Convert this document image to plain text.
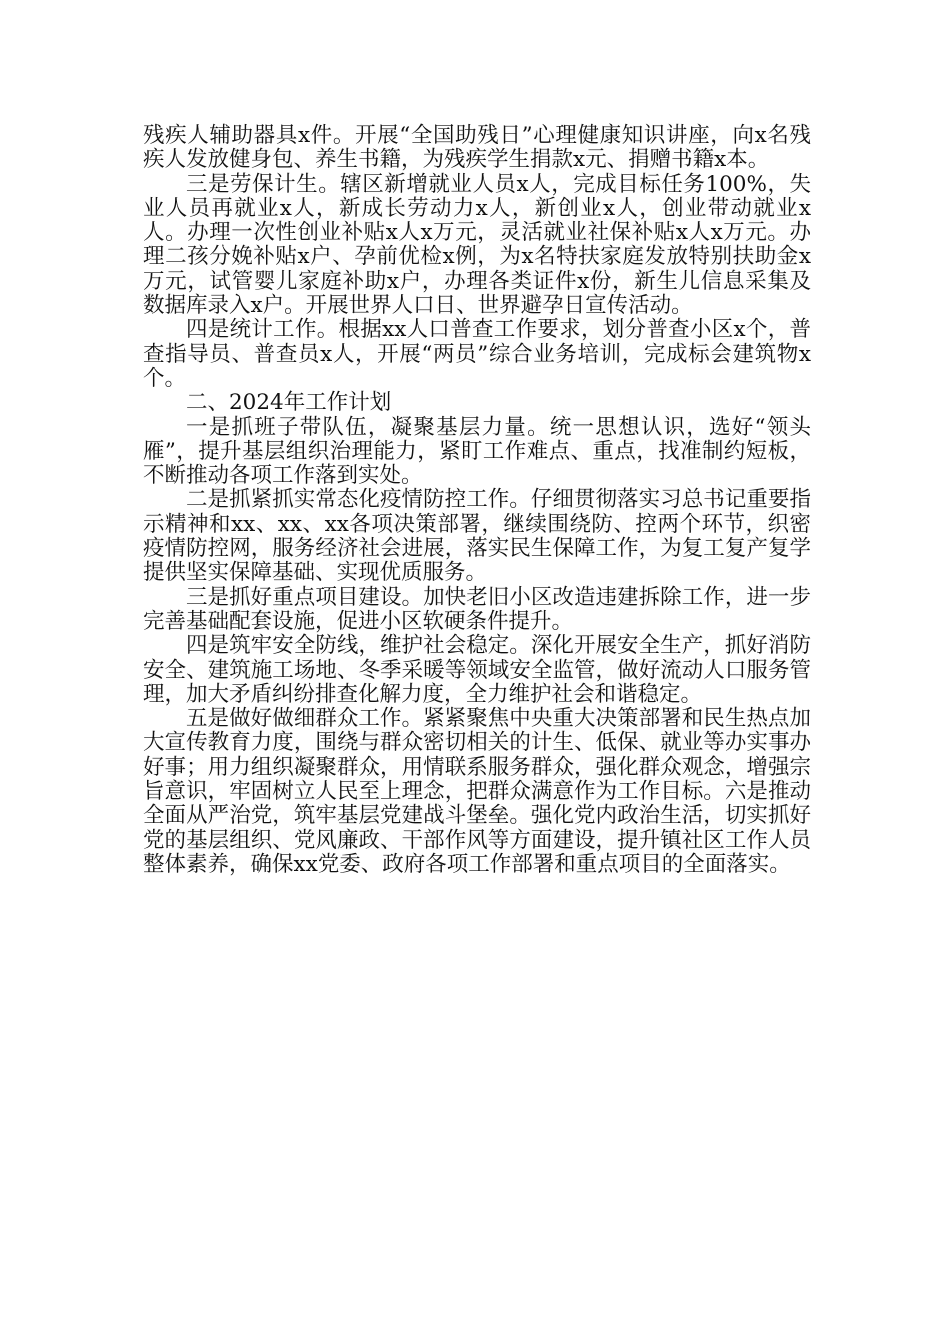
残疾人辅助器具x件。开展“全国助残日”心理健康知识讲座，向x名残疾人发放健身包、养生书籍，为残疾学生捐款x元、捐赠书籍x本。

三是劳保计生。辖区新增就业人员x人，完成目标任务100%，失业人员再就业x人，新成长劳动力x人，新创业x人，创业带动就业x人。办理一次性创业补贴x人x万元，灵活就业社保补贴x人x万元。办理二孩分娩补贴x户、孕前优检x例，为x名特扶家庭发放特别扶助金x万元，试管婴儿家庭补助x户，办理各类证件x份，新生儿信息采集及数据库录入x户。开展世界人口日、世界避孕日宣传活动。

四是统计工作。根据xx人口普查工作要求，划分普查小区x个，普查指导员、普查员x人，开展“两员”综合业务培训，完成标会建筑物x个。

二、2024年工作计划

一是抓班子带队伍，凝聚基层力量。统一思想认识，选好“领头雁”，提升基层组织治理能力，紧盯工作难点、重点，找准制约短板，不断推动各项工作落到实处。

二是抓紧抓实常态化疫情防控工作。仔细贯彻落实习总书记重要指示精神和xx、xx、xx各项决策部署，继续围绕防、控两个环节，织密疫情防控网，服务经济社会进展，落实民生保障工作，为复工复产复学提供坚实保障基础、实现优质服务。

三是抓好重点项目建设。加快老旧小区改造违建拆除工作，进一步完善基础配套设施，促进小区软硬条件提升。

四是筑牢安全防线，维护社会稳定。深化开展安全生产，抓好消防安全、建筑施工场地、冬季采暖等领域安全监管，做好流动人口服务管理，加大矛盾纠纷排查化解力度，全力维护社会和谐稳定。

五是做好做细群众工作。紧紧聚焦中央重大决策部署和民生热点加大宣传教育力度，围绕与群众密切相关的计生、低保、就业等办实事办好事；用力组织凝聚群众，用情联系服务群众，强化群众观念，增强宗旨意识，牢固树立人民至上理念，把群众满意作为工作目标。六是推动全面从严治党，筑牢基层党建战斗堡垒。强化党内政治生活，切实抓好党的基层组织、党风廉政、干部作风等方面建设，提升镇社区工作人员整体素养，确保xx党委、政府各项工作部署和重点项目的全面落实。
